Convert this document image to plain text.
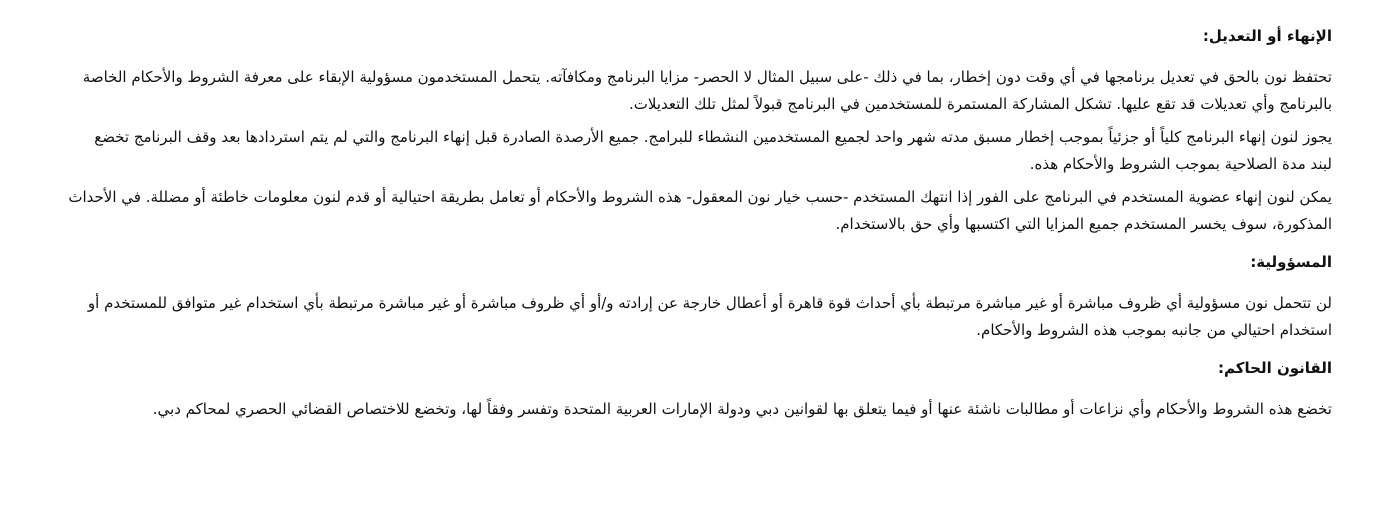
الإنهاء أو التعديل:

تحتفظ نون بالحق في تعديل برنامجها في أي وقت دون إخطار، بما في ذلك -على سبيل المثال لا الحصر- مزايا البرنامج ومكافآته. يتحمل المستخدمون مسؤولية الإبقاء على معرفة الشروط والأحكام الخاصة بالبرنامج وأي تعديلات قد تقع عليها. تشكل المشاركة المستمرة للمستخدمين في البرنامج قبولاً لمثل تلك التعديلات.

يجوز لنون إنهاء البرنامج كلياً أو جزئياً بموجب إخطار مسبق مدته شهر واحد لجميع المستخدمين النشطاء للبرامج. جميع الأرصدة الصادرة قبل إنهاء البرنامج والتي لم يتم استردادها بعد وقف البرنامج تخضع لبند مدة الصلاحية بموجب الشروط والأحكام هذه.

يمكن لنون إنهاء عضوية المستخدم في البرنامج على الفور إذا انتهك المستخدم -حسب خيار نون المعقول- هذه الشروط والأحكام أو تعامل بطريقة احتيالية أو قدم لنون معلومات خاطئة أو مضللة. في الأحداث المذكورة، سوف يخسر المستخدم جميع المزايا التي اكتسبها وأي حق بالاستخدام.

المسؤولية:

لن تتحمل نون مسؤولية أي ظروف مباشرة أو غير مباشرة مرتبطة بأي أحداث قوة قاهرة أو أعطال خارجة عن إرادته و/أو أي ظروف مباشرة أو غير مباشرة مرتبطة بأي استخدام غير متوافق للمستخدم أو استخدام احتيالي من جانبه بموجب هذه الشروط والأحكام.

القانون الحاكم:

تخضع هذه الشروط والأحكام وأي نزاعات أو مطالبات ناشئة عنها أو فيما يتعلق بها لقوانين دبي ودولة الإمارات العربية المتحدة وتفسر وفقاً لها، وتخضع للاختصاص القضائي الحصري لمحاكم دبي.
